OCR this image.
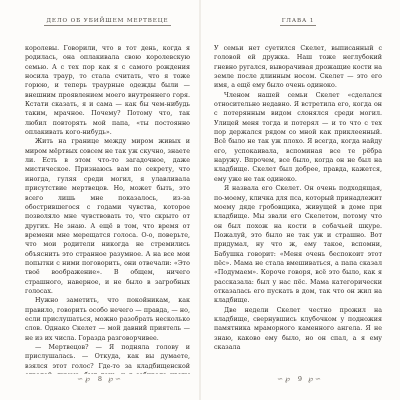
ДЕЛО ОБ УБИЙШЕМ МЕРТВЕЦЕ

королевы. Говорили, что в тот день, когда я родилась, она оплакивала свою королевскую семью. А с тех пор как я с самого рождения носила траур, то стала считать, что я тоже горюю, и теперь траурные одежды были — внешним проявлением моего внутреннего горя. Кстати сказать, я и сама — как бы чем-нибудь таким, мрачное. Почему? Потому что, так любил повторять мой папа, «ты постоянно оплакивать кого-нибудь».

Жить на границе между миром живых и миром мёртвых совсем не так уж скучно, знаете ли. Есть в этом что-то загадочное, даже мистическое. Признаюсь вам по секрету, что иногда, гуляя среди могил, я улавливала присутствие мертвецов. Но, может быть, это всего лишь мне показалось, из-за обострившегося с годами чувства, которое позволяло мне чувствовать то, что скрыто от других. Не знаю. А ещё в том, что время от времени мне мерещатся голоса. О-о, поверьте, что мои родители никогда не стремились объяснить это странное разумное. А на все мои попытки с ними поговорить, они отвечали: «Это твоё воображение». В общем, ничего страшного, наверное, и не было в загробных голосах.

Нужно заметить, что покойникам, как правило, говорить особо нечего — правда, — но, если прислушаться, можно разобрать несколько слов. Однако Скелет — мой давний приятель — не из их числа. Горазда разговорчивее.

— Мертвецов? — Я подняла голову и прислушалась. — Откуда, как вы думаете, взялся этот голос? Где-то за кладбищенской

∽℘ 8 ℘∽
ГЛАВА 1

У семьи нет суетился Скелет, выписанный с головой ей дружка. Наш тоже неглубокий гневно ругался, выворачивая дрожащие кости на земле после длинным носом. Скелет — это его имя, а ещё ему было очень одиноко.

Членом нашей семьи Скелет «сделался относительно недавно. Я встретила его, когда он с потерянным видом слонялся среди могил. Улицей меня тогда и потерял — и то что с тех пор держался рядом со мной как приклеенный. Всё было не так уж плохо. Я всегда, когда найду его, успокаивала, вспоминая все те рёбра наружу. Впрочем, все было, когда он не был на кладбище. Скелет был добрее, правда, кажется, ему уже не так одиноко.

Я назвала его Скелет. Он очень подходящая, по-моему, кличка для пса, который принадлежит моему дяде гробовщика, живущей в доме при кладбище. Мы звали его Скелетом, потому что он был похож на кости в собачьей шкуре. Пожалуй, это было не так уж и страшно. Вот придумал, ну что ж, ему такое, вспомни, Бабушка говорит: «Меня очень беспокоит этот пёс». Мама не стала вмешиваться, а папа сказал «Подумаем». Короче говоря, всё это было, как я рассказала: был у нас пёс. Мама категорически отказалась его пускать в дом, так что он жил на кладбище.

Две недели Скелет честно прожил на кладбище, свернувшись клубочком у подножия памятника мраморного каменного ангела. Я не знаю, каково ему было, но он спал, а я ему сказала

∽℘ 9 ℘∽
